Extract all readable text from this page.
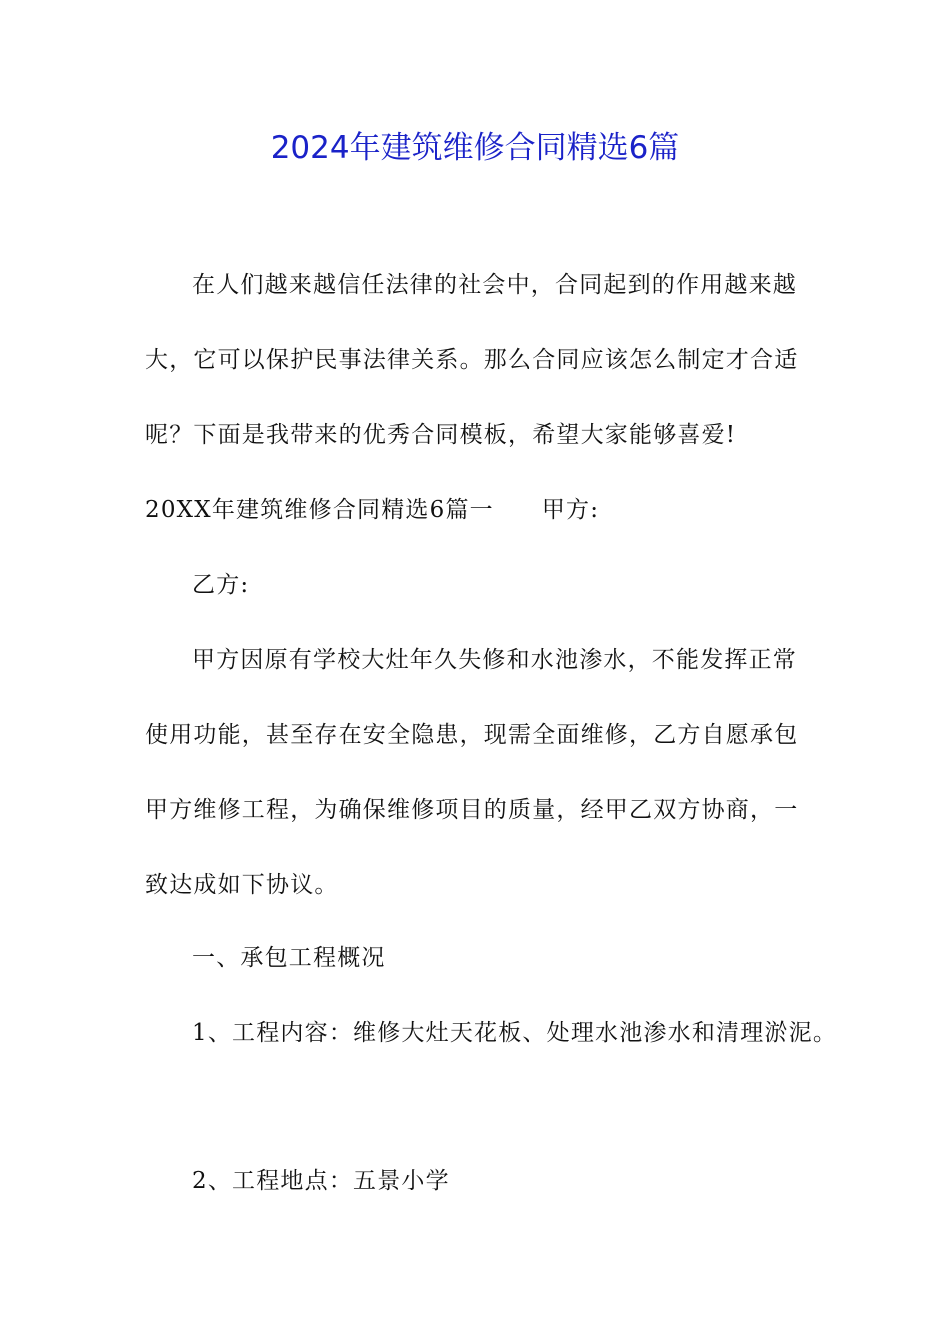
2024年建筑维修合同精选6篇
在人们越来越信任法律的社会中，合同起到的作用越来越
大，它可以保护民事法律关系。那么合同应该怎么制定才合适
呢？下面是我带来的优秀合同模板，希望大家能够喜爱!
20XX年建筑维修合同精选6篇一 甲方:
乙方:
甲方因原有学校大灶年久失修和水池渗水，不能发挥正常
使用功能，甚至存在安全隐患，现需全面维修，乙方自愿承包
甲方维修工程，为确保维修项目的质量，经甲乙双方协商，一
致达成如下协议。
一、承包工程概况
1、工程内容：维修大灶天花板、处理水池渗水和清理淤泥。
2、工程地点：五景小学
